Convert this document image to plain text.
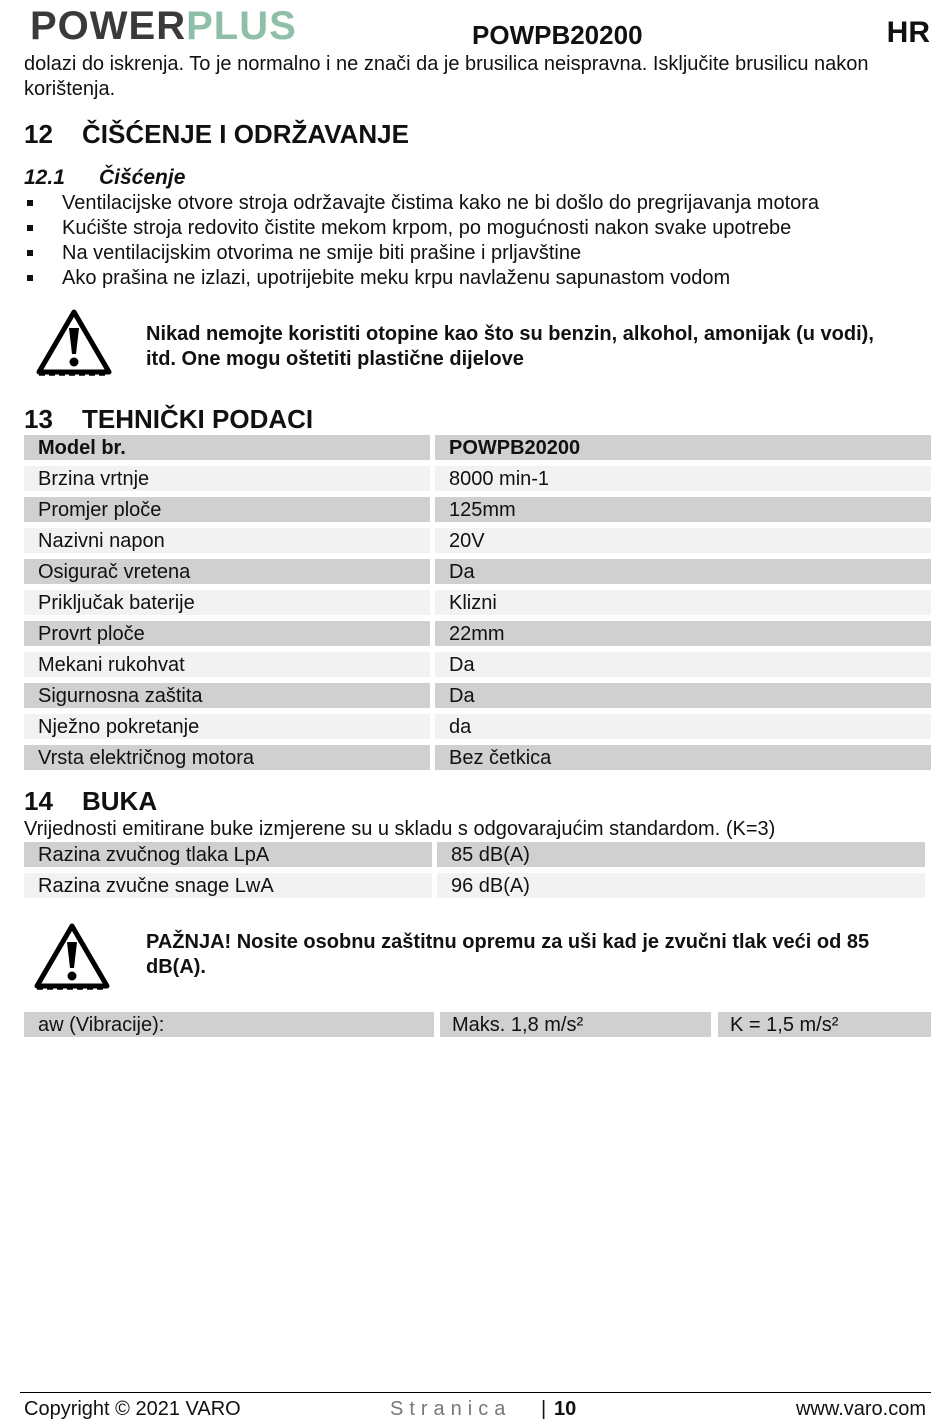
POWERPLUS	POWPB20200	HR
dolazi do iskrenja. To je normalno i ne znači da je brusilica neispravna. Isključite brusilicu nakon korištenja.
12 ČIŠĆENJE I ODRŽAVANJE
12.1 Čišćenje
Ventilacijske otvore stroja održavajte čistima kako ne bi došlo do pregrijavanja motora
Kućište stroja redovito čistite mekom krpom, po mogućnosti nakon svake upotrebe
Na ventilacijskim otvorima ne smije biti prašine i prljavštine
Ako prašina ne izlazi, upotrijebite meku krpu navlaženu sapunastom vodom
Nikad nemojte koristiti otopine kao što su benzin, alkohol, amonijak (u vodi), itd. One mogu oštetiti plastične dijelove
13 TEHNIČKI PODACI
Model br.	POWPB20200
Brzina vrtnje	8000 min-1
Promjer ploče	125mm
Nazivni napon	20V
Osigurač vretena	Da
Priključak baterije	Klizni
Provrt ploče	22mm
Mekani rukohvat	Da
Sigurnosna zaštita	Da
Nježno pokretanje	da
Vrsta električnog motora	Bez četkica
14 BUKA
Vrijednosti emitirane buke izmjerene su u skladu s odgovarajućim standardom. (K=3)
Razina zvučnog tlaka LpA	85 dB(A)
Razina zvučne snage LwA	96 dB(A)
PAŽNJA! Nosite osobnu zaštitnu opremu za uši kad je zvučni tlak veći od 85 dB(A).
aw (Vibracije):	Maks. 1,8 m/s²	K = 1,5 m/s²
Copyright © 2021 VARO	Stranica | 10	www.varo.com
